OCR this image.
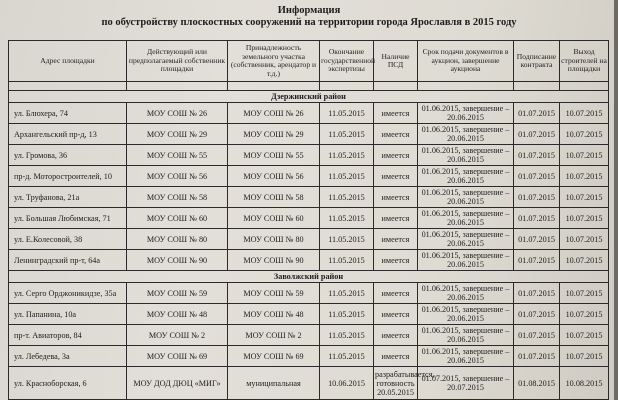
Информация
по обустройству плоскостных сооружений на территории города Ярославля в 2015 году
Адрес площадки	Действующий или предполагаемый собственник площадки	Принадлежность земельного участка (собственник, арендатор и т.д.)	Окончание государственной экспертизы	Наличие ПСД	Срок подачи документов в аукцион, завершение аукциона	Подписание контракта	Выход строителей на площадки

Дзержинский район							
ул. Блюхера, 74	МОУ СОШ № 26	МОУ СОШ № 26	11.05.2015	имеется	01.06.2015, завершение – 20.06.2015	01.07.2015	10.07.2015
Архангельский пр-д, 13	МОУ СОШ № 29	МОУ СОШ № 29	11.05.2015	имеется	01.06.2015, завершение – 20.06.2015	01.07.2015	10.07.2015
ул. Громова, 36	МОУ СОШ № 55	МОУ СОШ № 55	11.05.2015	имеется	01.06.2015, завершение – 20.06.2015	01.07.2015	10.07.2015
пр-д. Моторостроителей, 10	МОУ СОШ № 56	МОУ СОШ № 56	11.05.2015	имеется	01.06.2015, завершение – 20.06.2015	01.07.2015	10.07.2015
ул. Труфанова, 21а	МОУ СОШ № 58	МОУ СОШ № 58	11.05.2015	имеется	01.06.2015, завершение – 20.06.2015	01.07.2015	10.07.2015
ул. Большая Любимская, 71	МОУ СОШ № 60	МОУ СОШ № 60	11.05.2015	имеется	01.06.2015, завершение – 20.06.2015	01.07.2015	10.07.2015
ул. Е.Колесовой, 38	МОУ СОШ № 80	МОУ СОШ № 80	11.05.2015	имеется	01.06.2015, завершение – 20.06.2015	01.07.2015	10.07.2015
Ленинградский пр-т, 64а	МОУ СОШ № 90	МОУ СОШ № 90	11.05.2015	имеется	01.06.2015, завершение – 20.06.2015	01.07.2015	10.07.2015
Заволжский район							
ул. Серго Орджоникидзе, 35а	МОУ СОШ № 59	МОУ СОШ № 59	11.05.2015	имеется	01.06.2015, завершение – 20.06.2015	01.07.2015	10.07.2015
ул. Папанина, 10а	МОУ СОШ № 48	МОУ СОШ № 48	11.05.2015	имеется	01.06.2015, завершение – 20.06.2015	01.07.2015	10.07.2015
пр-т. Авиаторов, 84	МОУ СОШ № 2	МОУ СОШ № 2	11.05.2015	имеется	01.06.2015, завершение – 20.06.2015	01.07.2015	10.07.2015
ул. Лебедева, 3а	МОУ СОШ № 69	МОУ СОШ № 69	11.05.2015	имеется	01.06.2015, завершение – 20.06.2015	01.07.2015	10.07.2015
ул. Красноборская, 6	МОУ ДОД ДЮЦ «МИГ»	муниципальная	10.06.2015	разрабатывается, готовность 20.05.2015	01.07.2015, завершение – 20.07.2015	01.08.2015	10.08.2015
